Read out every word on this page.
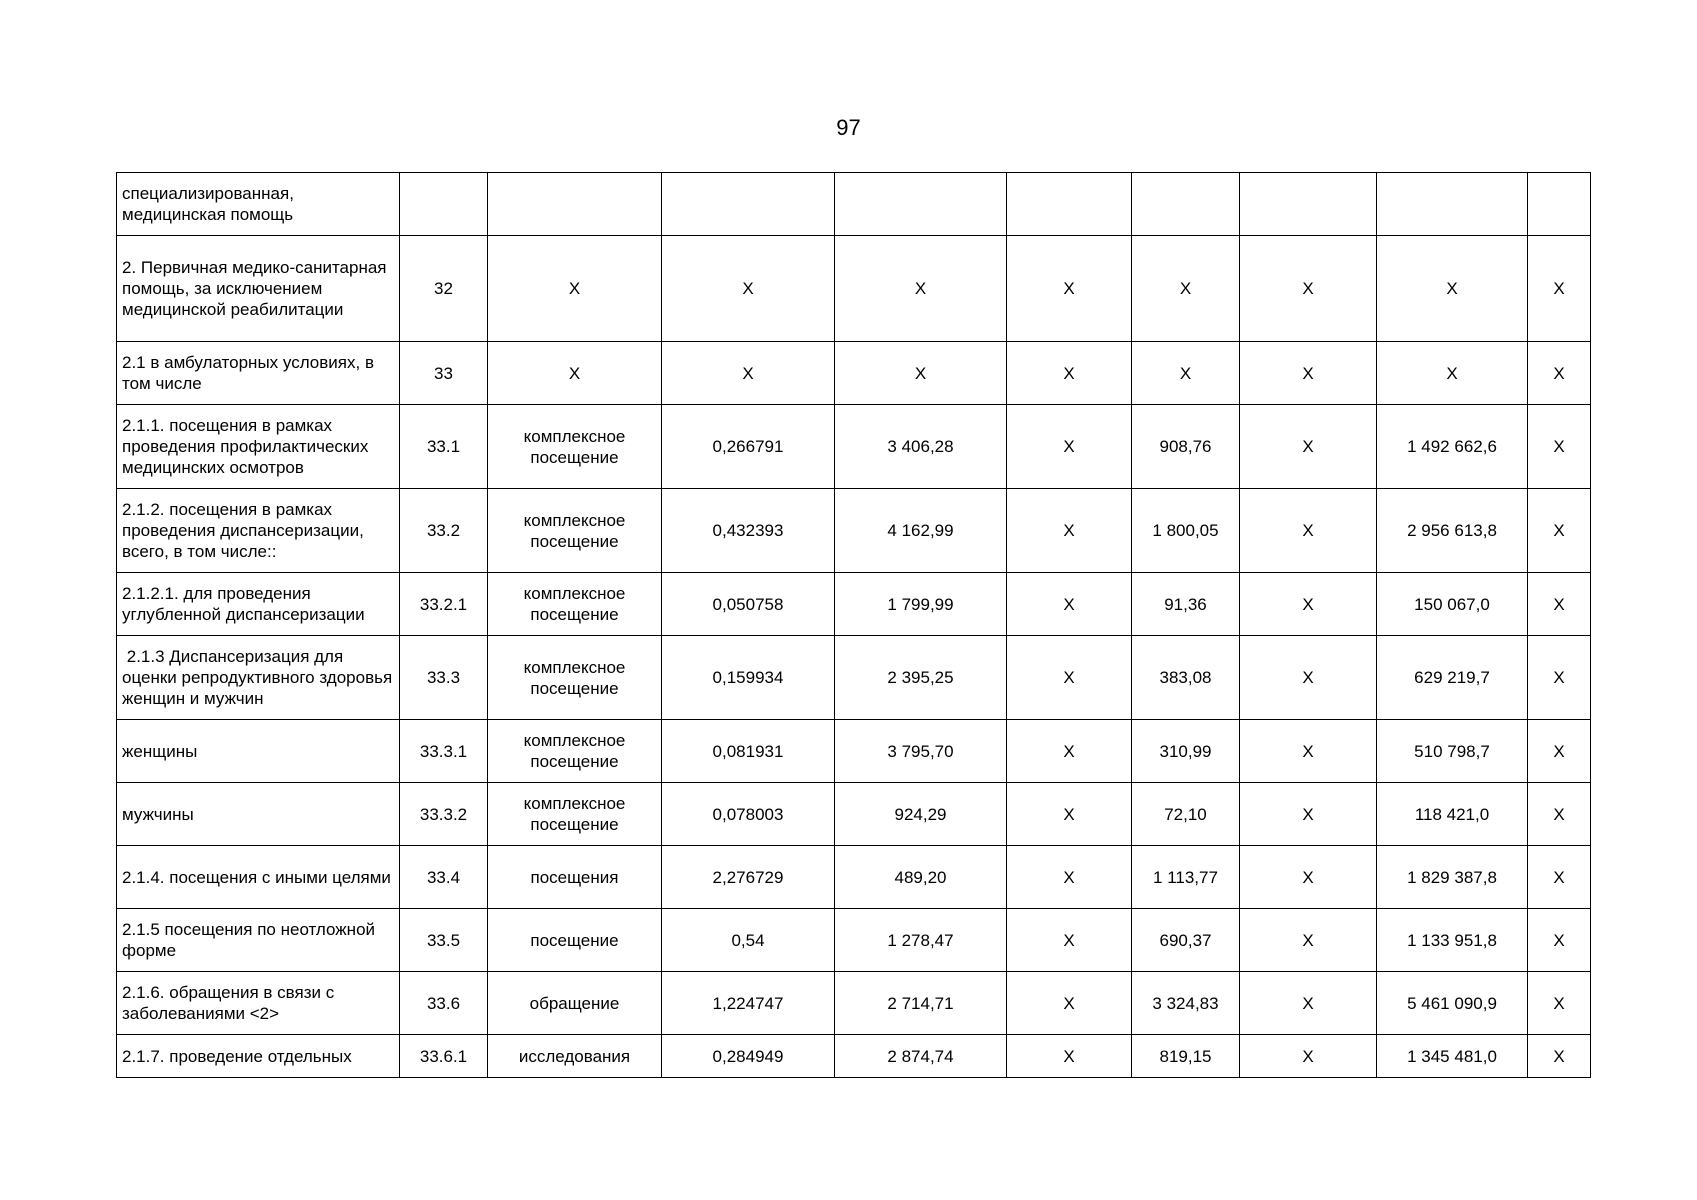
97
специализированная, медицинская помощь									
2. Первичная медико-санитарная помощь, за исключением медицинской реабилитации	32	X	X	X	X	X	X	X	X
2.1 в амбулаторных условиях, в том числе	33	X	X	X	X	X	X	X	X
2.1.1. посещения в рамках проведения профилактических медицинских осмотров	33.1	комплексное посещение	0,266791	3 406,28	X	908,76	X	1 492 662,6	X
2.1.2. посещения в рамках проведения диспансеризации, всего, в том числе::	33.2	комплексное посещение	0,432393	4 162,99	X	1 800,05	X	2 956 613,8	X
2.1.2.1. для проведения углубленной диспансеризации	33.2.1	комплексное посещение	0,050758	1 799,99	X	91,36	X	150 067,0	X
2.1.3 Диспансеризация для оценки репродуктивного здоровья женщин и мужчин	33.3	комплексное посещение	0,159934	2 395,25	X	383,08	X	629 219,7	X
женщины	33.3.1	комплексное посещение	0,081931	3 795,70	X	310,99	X	510 798,7	X
мужчины	33.3.2	комплексное посещение	0,078003	924,29	X	72,10	X	118 421,0	X
2.1.4. посещения с иными целями	33.4	посещения	2,276729	489,20	X	1 113,77	X	1 829 387,8	X
2.1.5 посещения по неотложной форме	33.5	посещение	0,54	1 278,47	X	690,37	X	1 133 951,8	X
2.1.6. обращения в связи с заболеваниями <2>	33.6	обращение	1,224747	2 714,71	X	3 324,83	X	5 461 090,9	X
2.1.7. проведение отдельных	33.6.1	исследования	0,284949	2 874,74	X	819,15	X	1 345 481,0	X
